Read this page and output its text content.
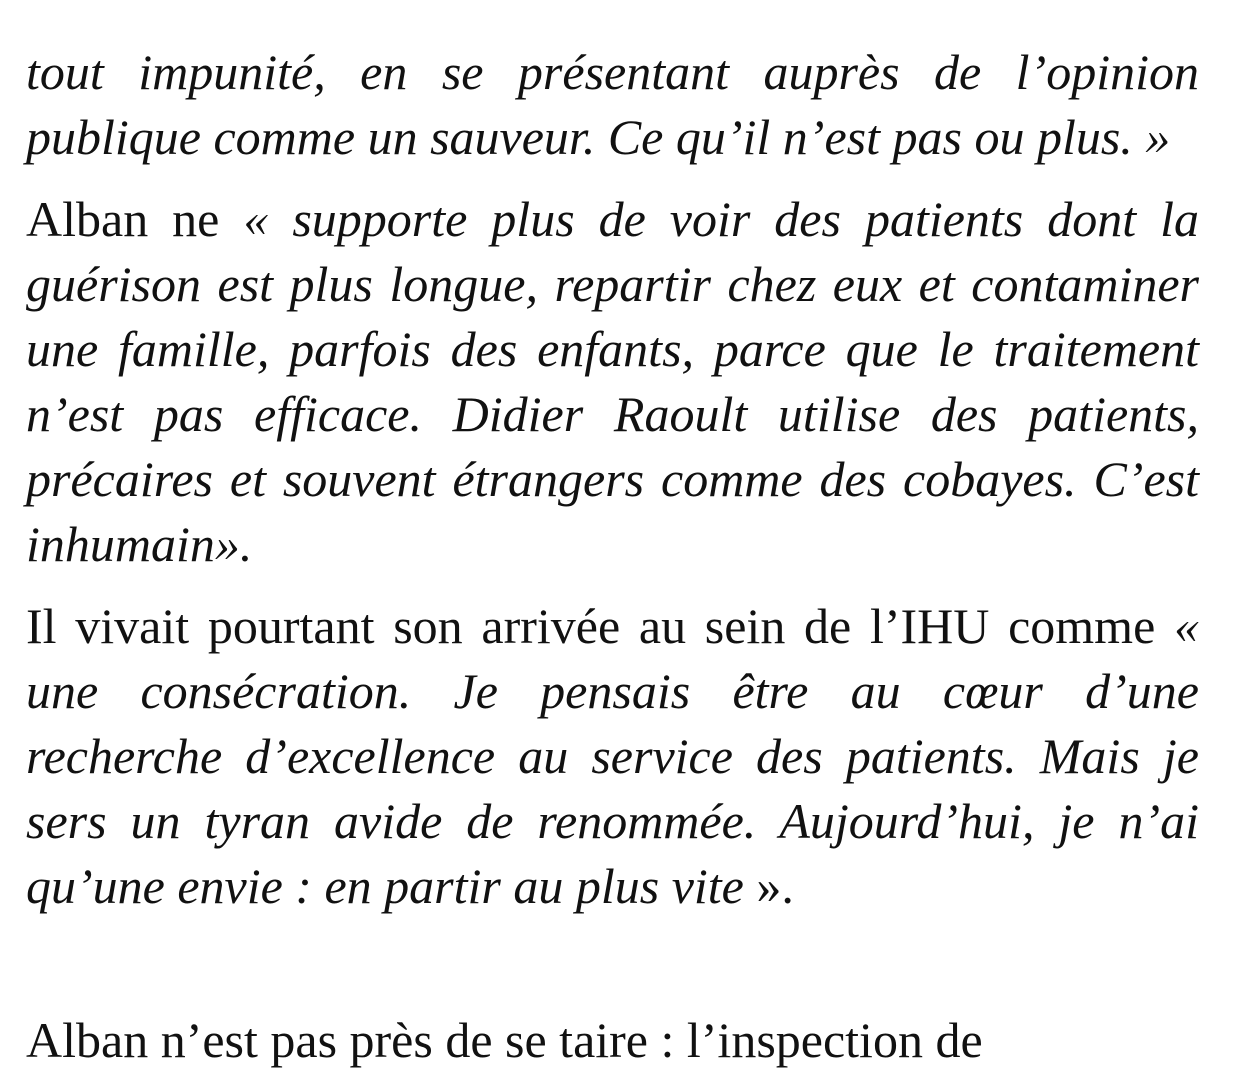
tout impunité, en se présentant auprès de l’opinion publique comme un sauveur. Ce qu’il n’est pas ou plus. »

Alban ne « supporte plus de voir des patients dont la guérison est plus longue, repartir chez eux et contaminer une famille, parfois des enfants, parce que le traitement n’est pas efficace. Didier Raoult utilise des patients, précaires et souvent étrangers comme des cobayes. C’est inhumain».

Il vivait pourtant son arrivée au sein de l’IHU comme « une consécration. Je pensais être au cœur d’une recherche d’excellence au service des patients. Mais je sers un tyran avide de renommée. Aujourd’hui, je n’ai qu’une envie : en partir au plus vite ».

Alban n’est pas près de se taire : l’inspection de
